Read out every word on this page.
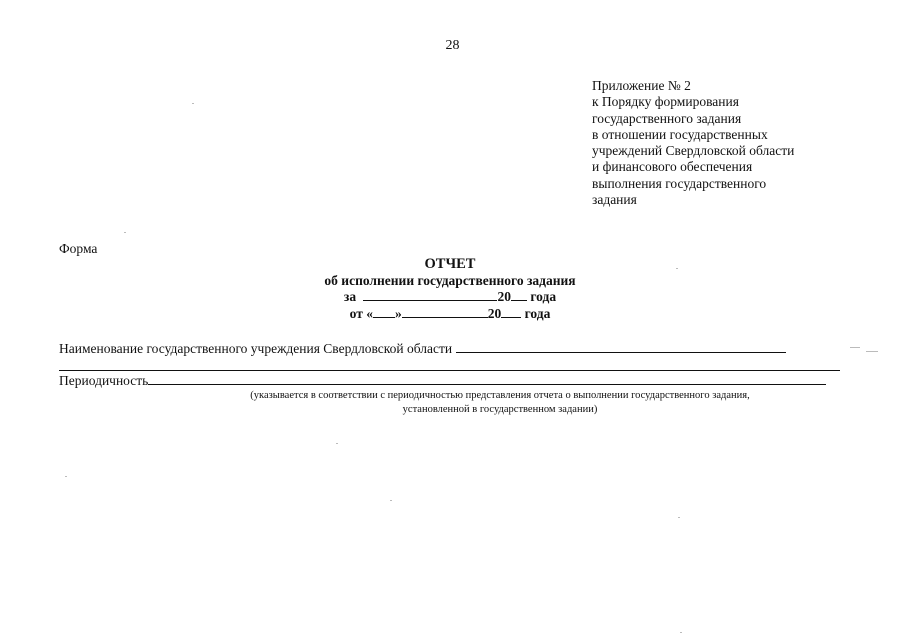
28
Приложение № 2
к Порядку формирования
государственного задания
в отношении государственных
учреждений Свердловской области
и финансового обеспечения
выполнения государственного
задания
Форма
ОТЧЕТ
об исполнении государственного задания
за	20 года
от « »	20 года
Наименование государственного учреждения Свердловской области
Периодичность
(указывается в соответствии с периодичностью представления отчета о выполнении государственного задания,
установленной в государственном задании)
